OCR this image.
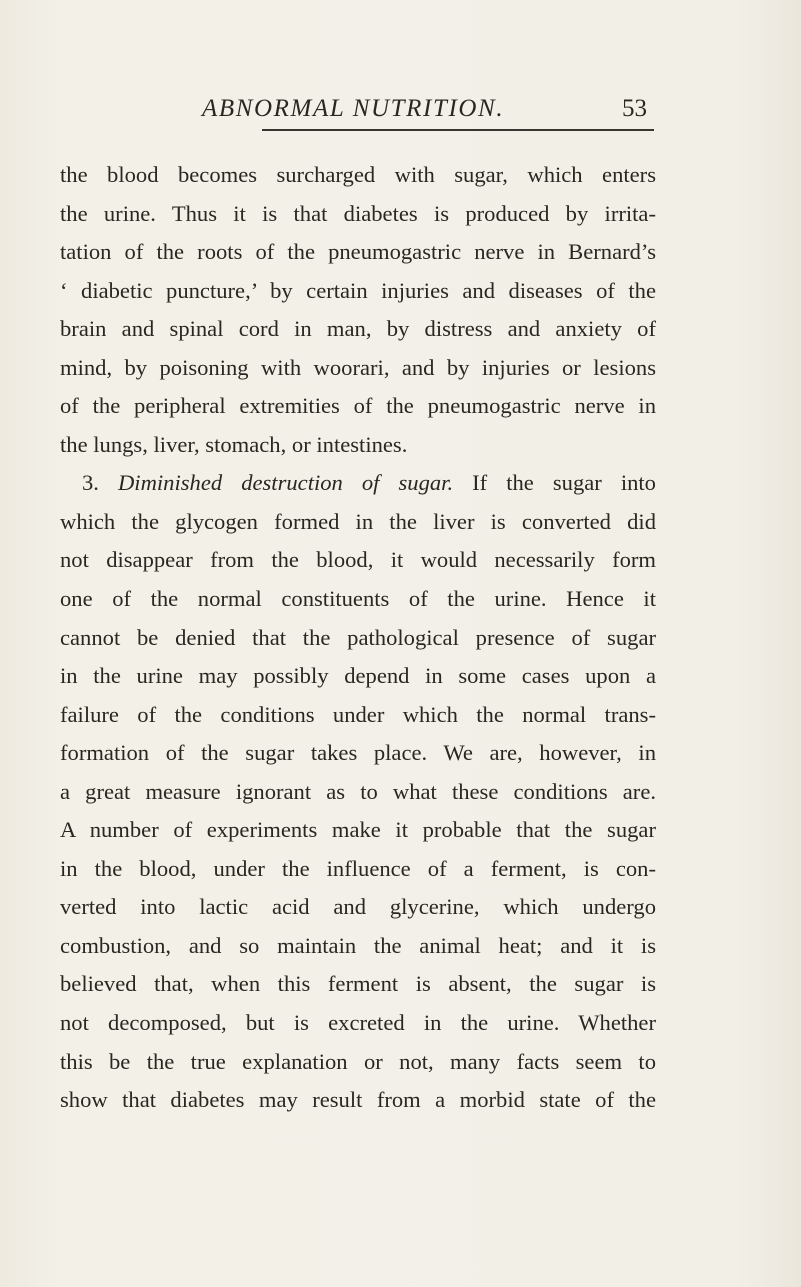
ABNORMAL NUTRITION.	53
the blood becomes surcharged with sugar, which enters
the urine. Thus it is that diabetes is produced by irrita-
tation of the roots of the pneumogastric nerve in Bernard’s
‘ diabetic puncture,’ by certain injuries and diseases of the
brain and spinal cord in man, by distress and anxiety of
mind, by poisoning with woorari, and by injuries or lesions
of the peripheral extremities of the pneumogastric nerve in
the lungs, liver, stomach, or intestines.
3. Diminished destruction of sugar. If the sugar into
which the glycogen formed in the liver is converted did
not disappear from the blood, it would necessarily form
one of the normal constituents of the urine. Hence it
cannot be denied that the pathological presence of sugar
in the urine may possibly depend in some cases upon a
failure of the conditions under which the normal trans-
formation of the sugar takes place. We are, however, in
a great measure ignorant as to what these conditions are.
A number of experiments make it probable that the sugar
in the blood, under the influence of a ferment, is con-
verted into lactic acid and glycerine, which undergo
combustion, and so maintain the animal heat; and it is
believed that, when this ferment is absent, the sugar is
not decomposed, but is excreted in the urine. Whether
this be the true explanation or not, many facts seem to
show that diabetes may result from a morbid state of the
